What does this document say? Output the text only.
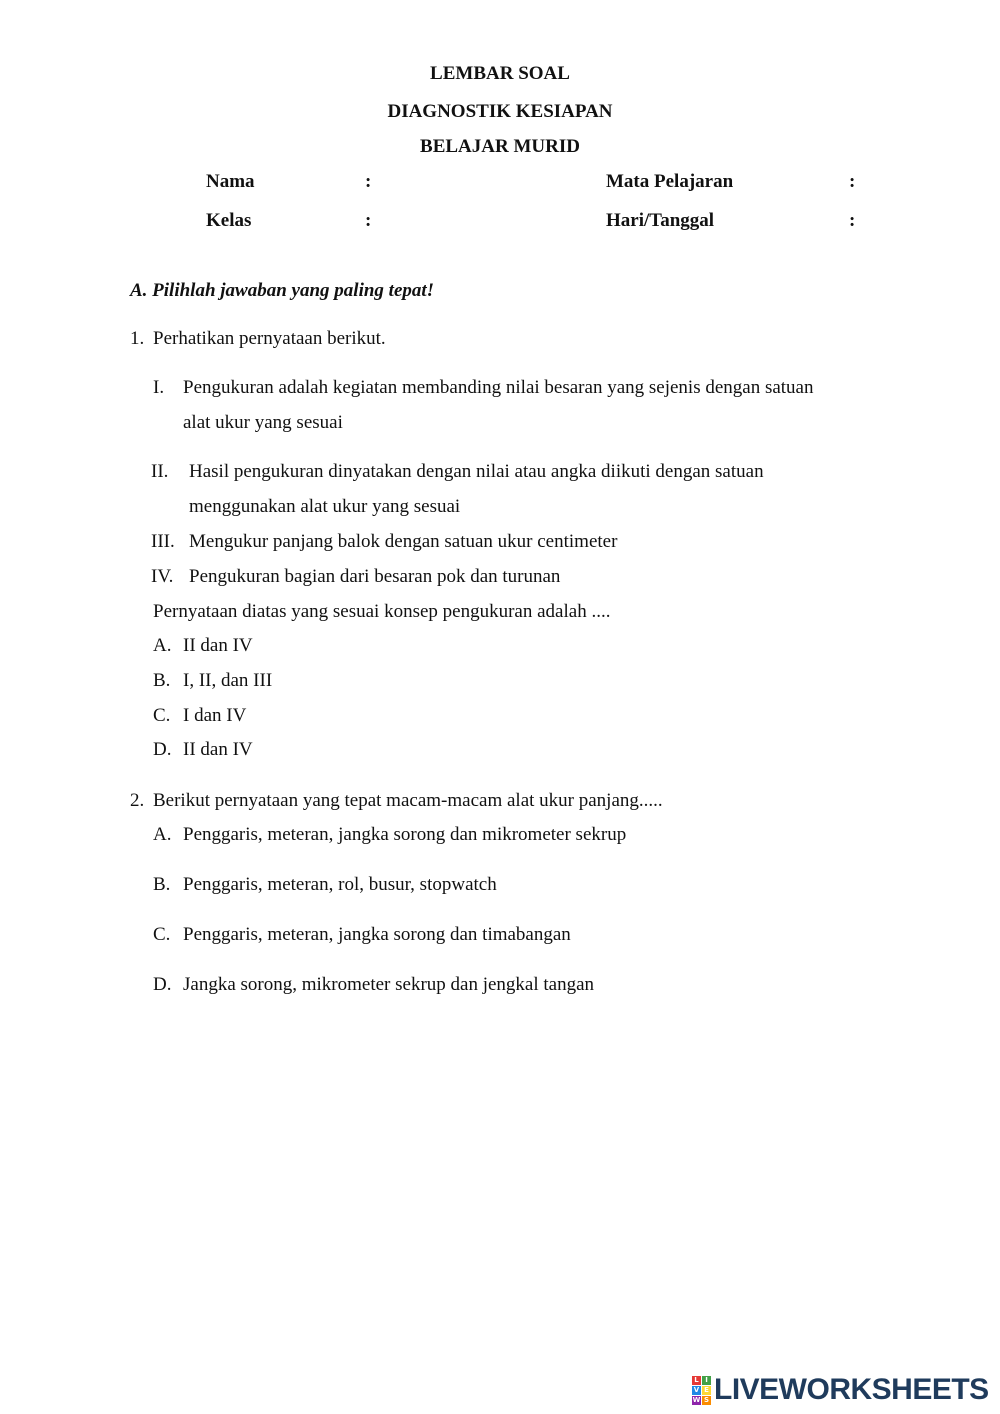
LEMBAR SOAL
DIAGNOSTIK KESIAPAN
BELAJAR MURID
Nama	:	Mata Pelajaran	:
Kelas	:	Hari/Tanggal	:
A. Pilihlah jawaban yang paling tepat!
1. Perhatikan pernyataan berikut.
I. Pengukuran adalah kegiatan membanding nilai besaran yang sejenis dengan satuan
alat ukur yang sesuai
II. Hasil pengukuran dinyatakan dengan nilai atau angka diikuti dengan satuan
menggunakan alat ukur yang sesuai
III. Mengukur panjang balok dengan satuan ukur centimeter
IV. Pengukuran bagian dari besaran pok dan turunan
Pernyataan diatas yang sesuai konsep pengukuran adalah ....
A. II dan IV
B. I, II, dan III
C. I dan IV
D. II dan IV
2. Berikut pernyataan yang tepat macam-macam alat ukur panjang.....
A. Penggaris, meteran, jangka sorong dan mikrometer sekrup
B. Penggaris, meteran, rol, busur, stopwatch
C. Penggaris, meteran, jangka sorong dan timabangan
D. Jangka sorong, mikrometer sekrup dan jengkal tangan
L I
V E
W S LIVEWORKSHEETS
